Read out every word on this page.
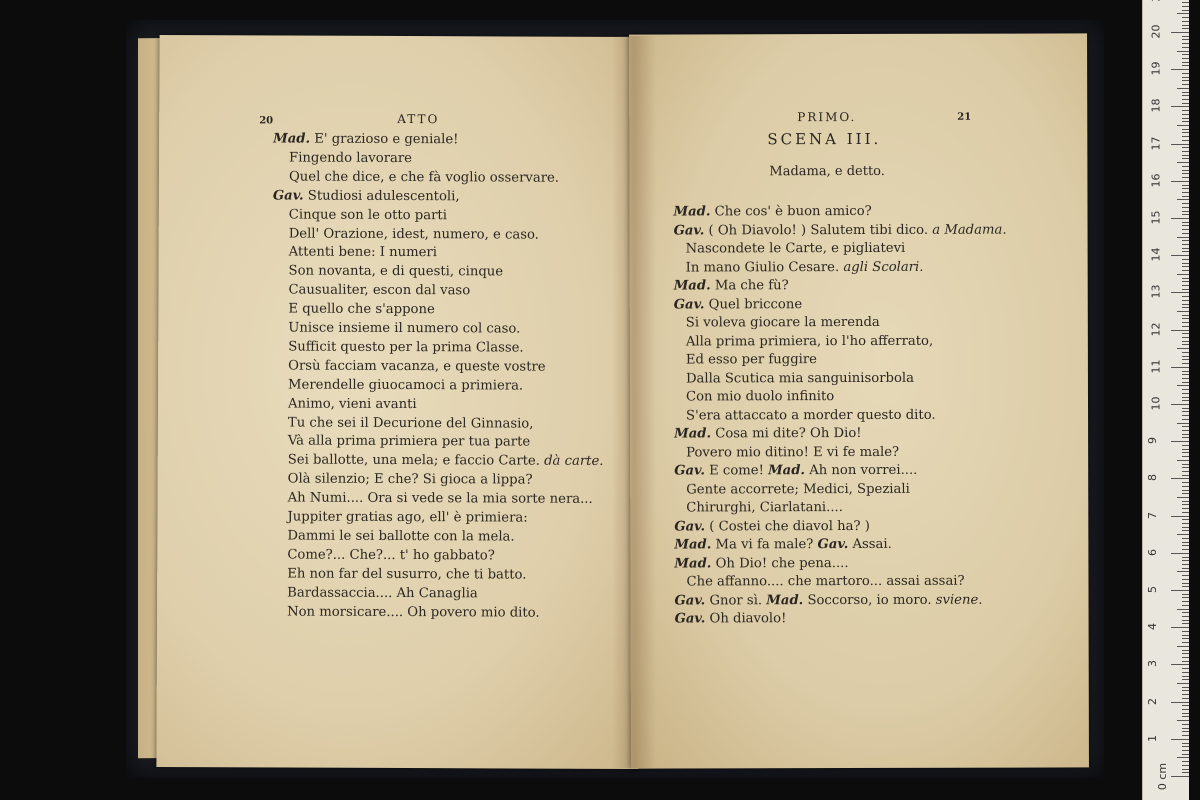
20	ATTO
Mad. E' grazioso e geniale!
Fingendo lavorare
Quel che dice, e che fà voglio osservare.
Gav. Studiosi adulescentoli,
Cinque son le otto parti
Dell' Orazione, idest, numero, e caso.
Attenti bene: I numeri
Son novanta, e di questi, cinque
Causualiter, escon dal vaso
E quello che s'appone
Unisce insieme il numero col caso.
Sufficit questo per la prima Classe.
Orsù facciam vacanza, e queste vostre
Merendelle giuocamoci a primiera.
Animo, vieni avanti
Tu che sei il Decurione del Ginnasio,
Và alla prima primiera per tua parte
Sei ballotte, una mela; e faccio Carte. dà carte.
Olà silenzio; E che? Si gioca a lippa?
Ah Numi.... Ora si vede se la mia sorte nera...
Juppiter gratias ago, ell' è primiera:
Dammi le sei ballotte con la mela.
Come?... Che?... t' ho gabbato?
Eh non far del susurro, che ti batto.
Bardassaccia.... Ah Canaglia
Non morsicare.... Oh povero mio dito.
PRIMO.	21
SCENA III.
Madama, e detto.
Mad. Che cos' è buon amico?
Gav. ( Oh Diavolo! ) Salutem tibi dico. a Madama.
Nascondete le Carte, e pigliatevi
In mano Giulio Cesare. agli Scolari.
Mad. Ma che fù?
Gav. Quel briccone
Si voleva giocare la merenda
Alla prima primiera, io l'ho afferrato,
Ed esso per fuggire
Dalla Scutica mia sanguinisorbola
Con mio duolo infinito
S'era attaccato a morder questo dito.
Mad. Cosa mi dite? Oh Dio!
Povero mio ditino! E vi fe male?
Gav. E come! Mad. Ah non vorrei....
Gente accorrete; Medici, Speziali
Chirurghi, Ciarlatani....
Gav. ( Costei che diavol ha? )
Mad. Ma vi fa male? Gav. Assai.
Mad. Oh Dio! che pena....
Che affanno.... che martoro... assai assai?
Gav. Gnor sì. Mad. Soccorso, io moro. sviene.
Gav. Oh diavolo!
0 cm
1
2
3
4
5
6
7
8
9
10
11
12
13
14
15
16
17
18
19
20
